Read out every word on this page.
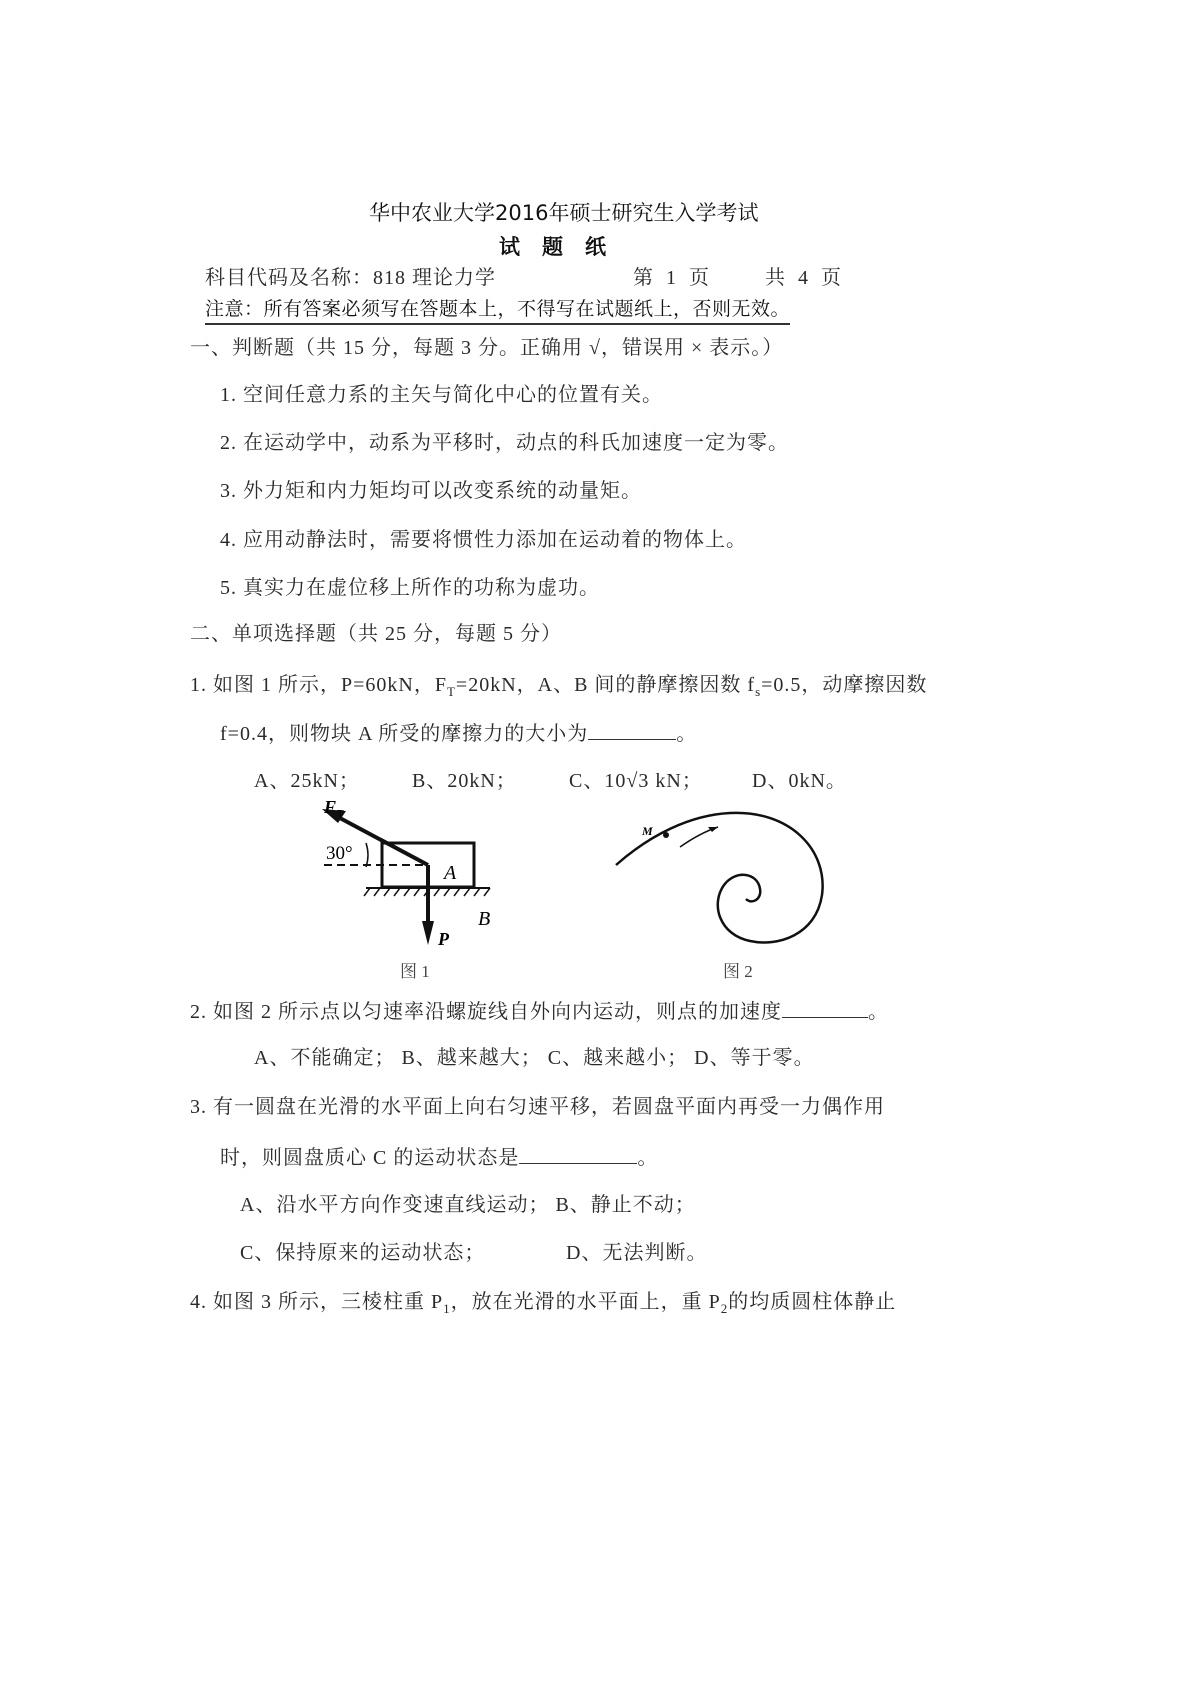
华中农业大学2016年硕士研究生入学考试
试题纸
科目代码及名称：818 理论力学	第 1 页	共 4 页
注意：所有答案必须写在答题本上，不得写在试题纸上，否则无效。
一、判断题（共 15 分，每题 3 分。正确用 √，错误用 × 表示。）
1. 空间任意力系的主矢与简化中心的位置有关。
2. 在运动学中，动系为平移时，动点的科氏加速度一定为零。
3. 外力矩和内力矩均可以改变系统的动量矩。
4. 应用动静法时，需要将惯性力添加在运动着的物体上。
5. 真实力在虚位移上所作的功称为虚功。
二、单项选择题（共 25 分，每题 5 分）
1. 如图 1 所示，P=60kN，$F_T=20kN$，A、B 间的静摩擦因数 $f_s=0.5$，动摩擦因数
f=0.4，则物块 A 所受的摩擦力的大小为	。
A、25kN；	B、20kN；	C、10√3 kN； D、0kN。
F T
30°
A
B
P
图 1
M
图 2
2. 如图 2 所示点以匀速率沿螺旋线自外向内运动，则点的加速度	。
A、不能确定； B、越来越大； C、越来越小； D、等于零。
3. 有一圆盘在光滑的水平面上向右匀速平移，若圆盘平面内再受一力偶作用
时，则圆盘质心 C 的运动状态是	。
A、沿水平方向作变速直线运动； B、静止不动；
C、保持原来的运动状态；	D、无法判断。
4. 如图 3 所示，三棱柱重 $P_1$，放在光滑的水平面上，重 $P_2$的均质圆柱体静止
